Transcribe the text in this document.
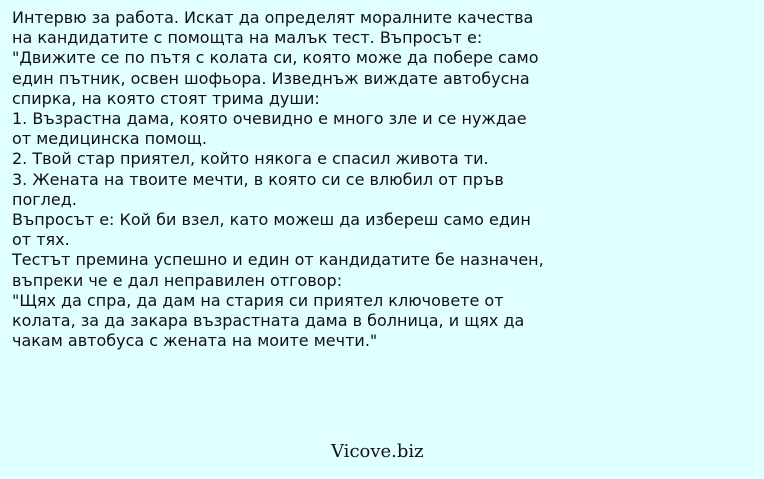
Интервю за работа. Искат да определят моралните качества
на кандидатите с помощта на малък тест. Въпросът е:
"Движите се по пътя с колата си, която може да побере само
един пътник, освен шофьора. Изведнъж виждате автобусна
спирка, на която стоят трима души:
1. Възрастна дама, която очевидно е много зле и се нуждае
от медицинска помощ.
2. Твой стар приятел, който някога е спасил живота ти.
3. Жената на твоите мечти, в която си се влюбил от пръв
поглед.
Въпросът е: Кой би взел, като можеш да избереш само един
от тях.
Тестът премина успешно и един от кандидатите бе назначен,
въпреки че е дал неправилен отговор:
"Щях да спра, да дам на стария си приятел ключовете от
колата, за да закара възрастната дама в болница, и щях да
чакам автобуса с жената на моите мечти."
Vicove.biz
